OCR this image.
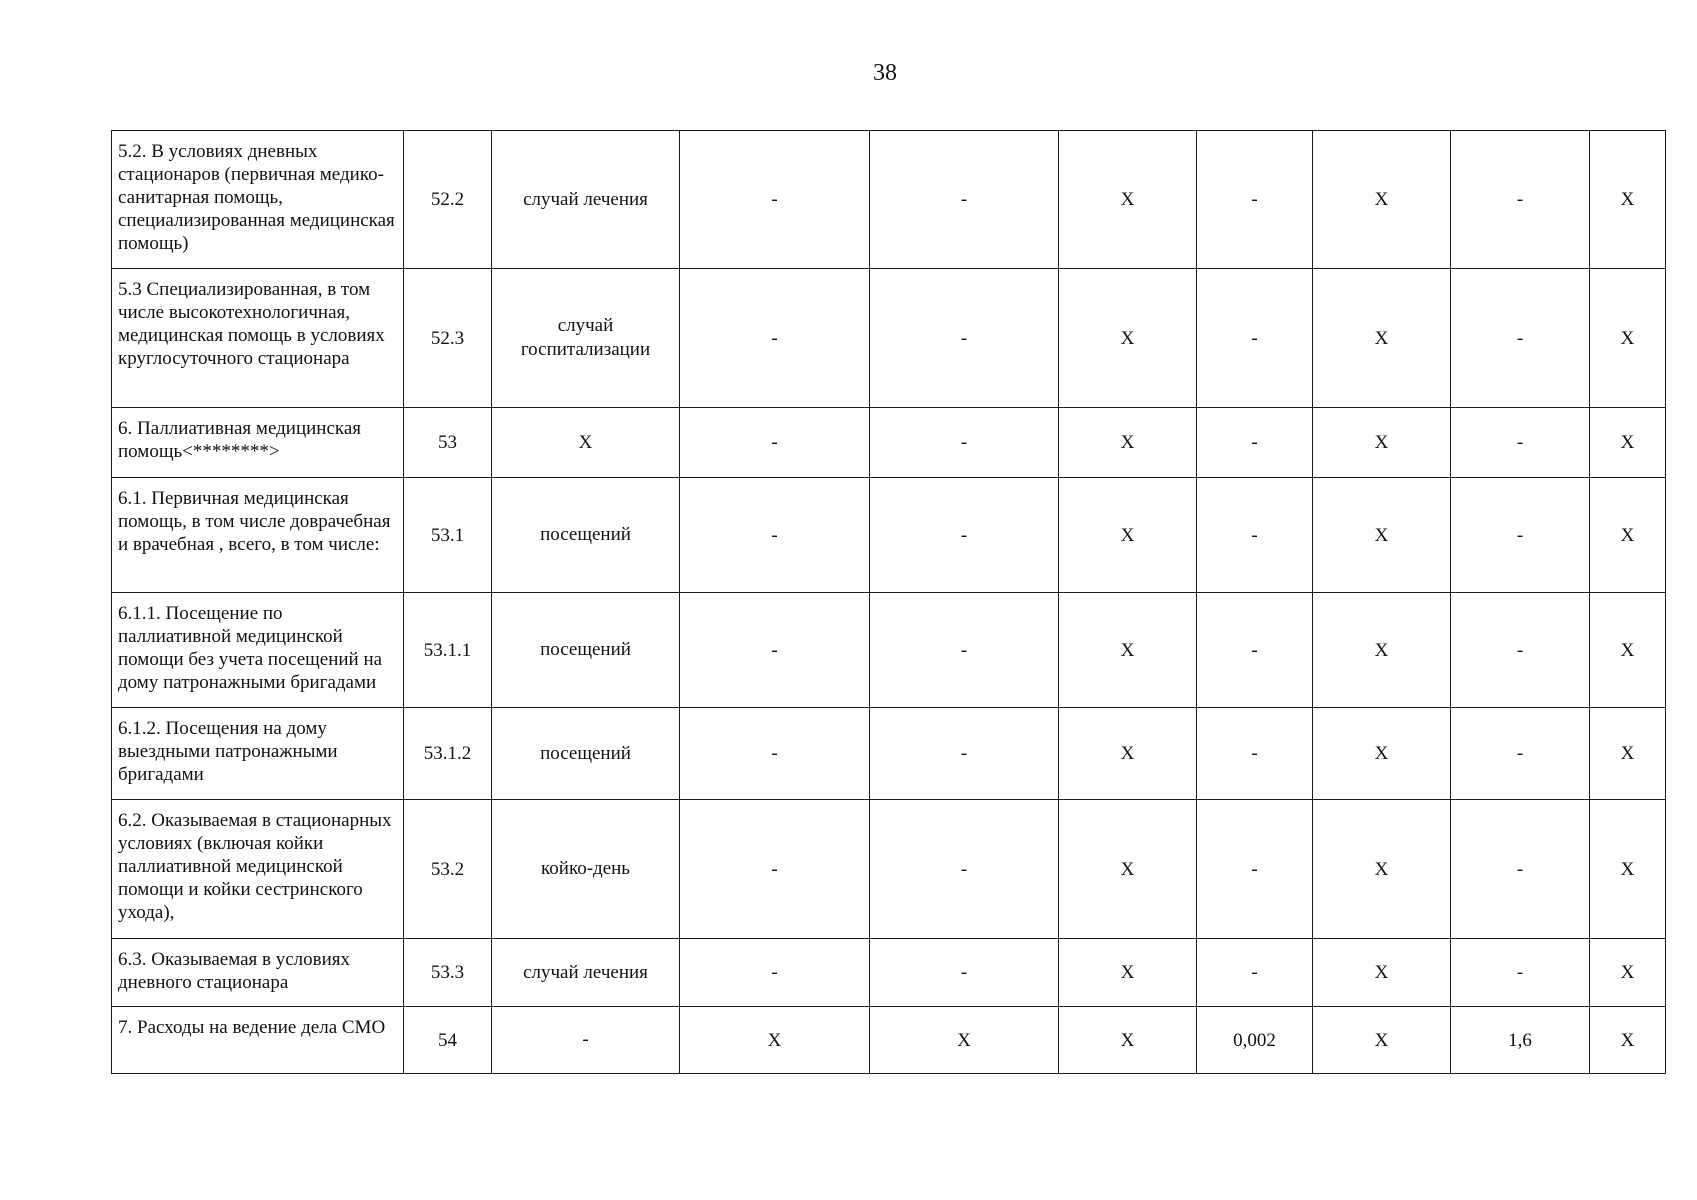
38
5.2. В условиях дневных стационаров (первичная медико-санитарная помощь, специализированная медицинская помощь)	52.2	случай лечения	-	-	X	-	X	-	X
5.3 Специализированная, в том числе высокотехнологичная, медицинская помощь в условиях круглосуточного стационара	52.3	случай госпитализации	-	-	X	-	X	-	X
6. Паллиативная медицинская помощь<********>	53	X	-	-	X	-	X	-	X
6.1. Первичная медицинская помощь, в том числе доврачебная и врачебная , всего, в том числе:	53.1	посещений	-	-	X	-	X	-	X
6.1.1. Посещение по паллиативной медицинской помощи без учета посещений на дому патронажными бригадами	53.1.1	посещений	-	-	X	-	X	-	X
6.1.2. Посещения на дому выездными патронажными бригадами	53.1.2	посещений	-	-	X	-	X	-	X
6.2. Оказываемая в стационарных условиях (включая койки паллиативной медицинской помощи и койки сестринского ухода),	53.2	койко-день	-	-	X	-	X	-	X
6.3. Оказываемая в условиях дневного стационара	53.3	случай лечения	-	-	X	-	X	-	X
7. Расходы на ведение дела СМО	54	-	X	X	X	0,002	X	1,6	X
